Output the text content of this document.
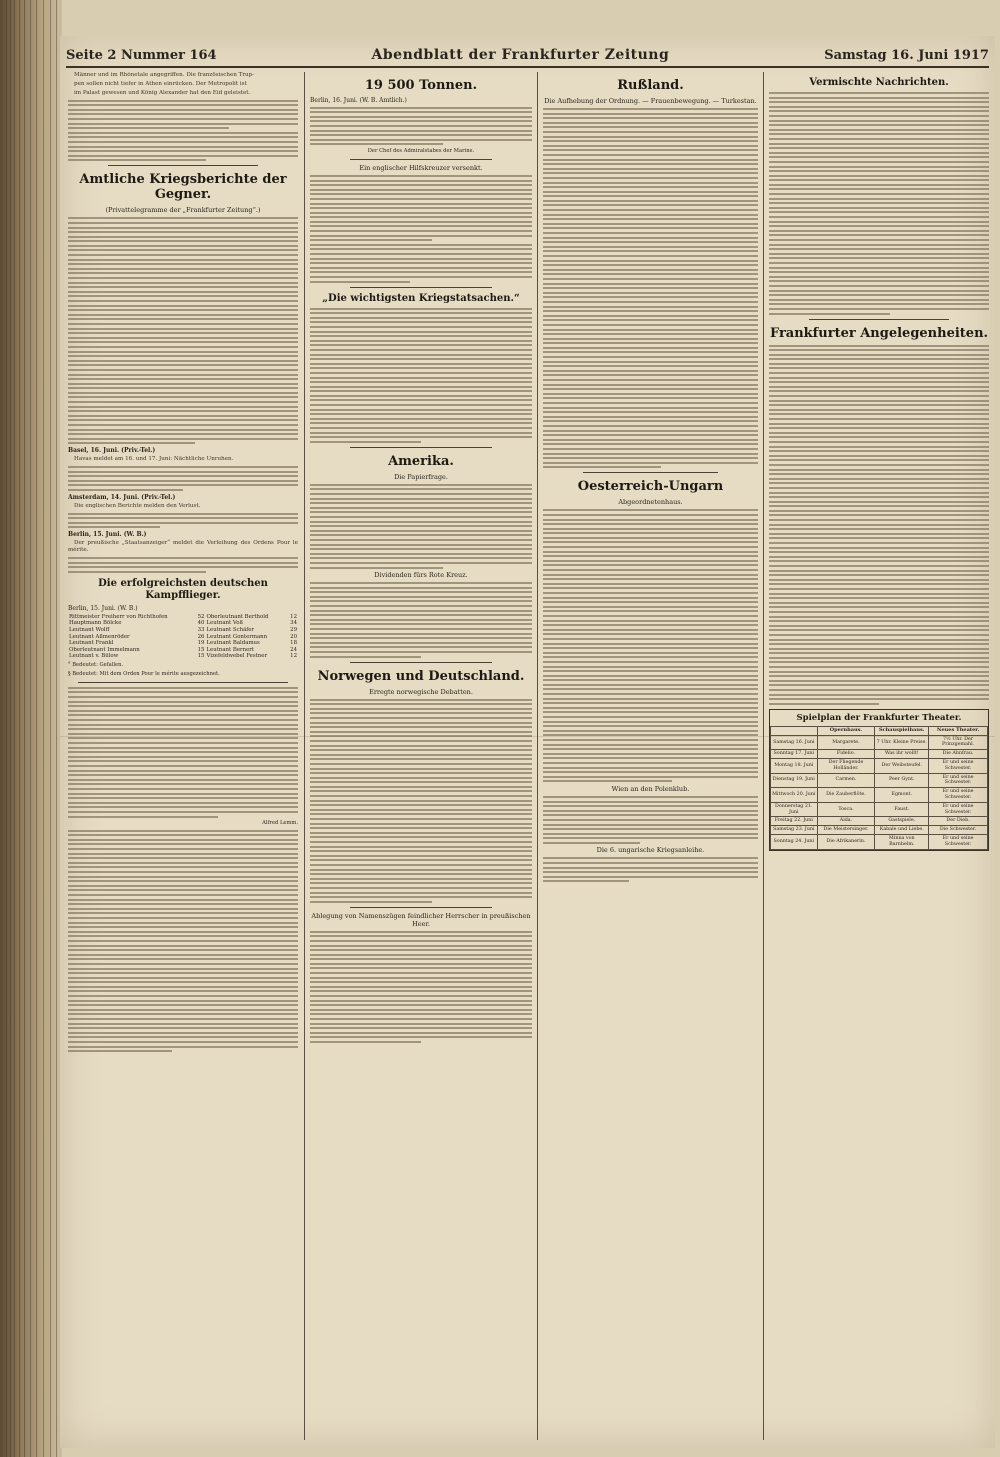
Seite 2 Nummer 164	Abendblatt der Frankfurter Zeitung	Samstag 16. Juni 1917
Männer und im Rhônetale angegriffen. Die französischen Trup-
pen sollen nicht tiefer in Athen einrücken. Der Metropolit ist
im Palast gewesen und König Alexander hat den Eid geleistet.
Amtliche Kriegsberichte der Gegner.
(Privattelegramme der „Frankfurter Zeitung“.)
Basel, 16. Juni. (Priv.-Tel.)
Havas meldet am 16. und 17. Juni: Nächtliche Unruhen.
Amsterdam, 14. Juni. (Priv.-Tel.)
Die englischen Berichte melden den Verlust.
Berlin, 15. Juni. (W. B.)
Der preußische „Staatsanzeiger“ meldet die Verleihung des Ordens Pour le mérite.
Die erfolgreichsten deutschen Kampfflieger.
Berlin, 15. Juni. (W. B.)
Rittmeister Freiherr von Richthofen	52	Oberleutnant Berthold	12
Hauptmann Bölcke	40	Leutnant Voß	34
Leutnant Wolff	33	Leutnant Schäfer	29
Leutnant Allmenröder	26	Leutnant Gontermann	20
Leutnant Frankl	19	Leutnant Baldamus	18
Oberleutnant Immelmann	15	Leutnant Bernert	24
Leutnant v. Bülow	15	Vizefeldwebel Festner	12
° Bedeutet: Gefallen.
§ Bedeutet: Mit dem Orden Pour le mérite ausgezeichnet.
Alfred Lemm.
19 500 Tonnen.
Berlin, 16. Juni. (W. B. Amtlich.)
Der Chef des Admiralstabes der Marine.
Ein englischer Hilfskreuzer versenkt.
„Die wichtigsten Kriegstatsachen.“
Amerika.
Die Papierfrage.
Dividenden fürs Rote Kreuz.
Norwegen und Deutschland.
Erregte norwegische Debatten.
Ablegung von Namenszügen feindlicher Herrscher in preußischen Heer.
Rußland.
Die Aufhebung der Ordnung. — Frauenbewegung. — Turkestan.
Oesterreich-Ungarn
Abgeordnetenhaus.
Wien an den Polenklub.
Die 6. ungarische Kriegsanleihe.
Vermischte Nachrichten.
Frankfurter Angelegenheiten.
Spielplan der Frankfurter Theater.
	Opernhaus.	Schauspielhaus.	Neues Theater.
Samstag 16. Juni	Margarete.	7 Uhr. Kleine Preise.	7½ Uhr. Der Prinzgemahl.
Sonntag 17. Juni	Fidelio.	Was ihr wollt!	Die Ahnfrau.
Montag 18. Juni	Der Fliegende Holländer.	Der Weibsteufel.	Er und seine Schwester.
Dienstag 19. Juni	Carmen.	Peer Gynt.	Er und seine Schwester.
Mittwoch 20. Juni	Die Zauberflöte.	Egmont.	Er und seine Schwester.
Donnerstag 21. Juni	Tosca.	Faust.	Er und seine Schwester.
Freitag 22. Juni	Aida.	Gastspiele.	Der Dieb.
Samstag 23. Juni	Die Meistersinger.	Kabale und Liebe.	Die Schwester.
Sonntag 24. Juni	Die Afrikanerin.	Minna von Barnhelm.	Er und seine Schwester.
